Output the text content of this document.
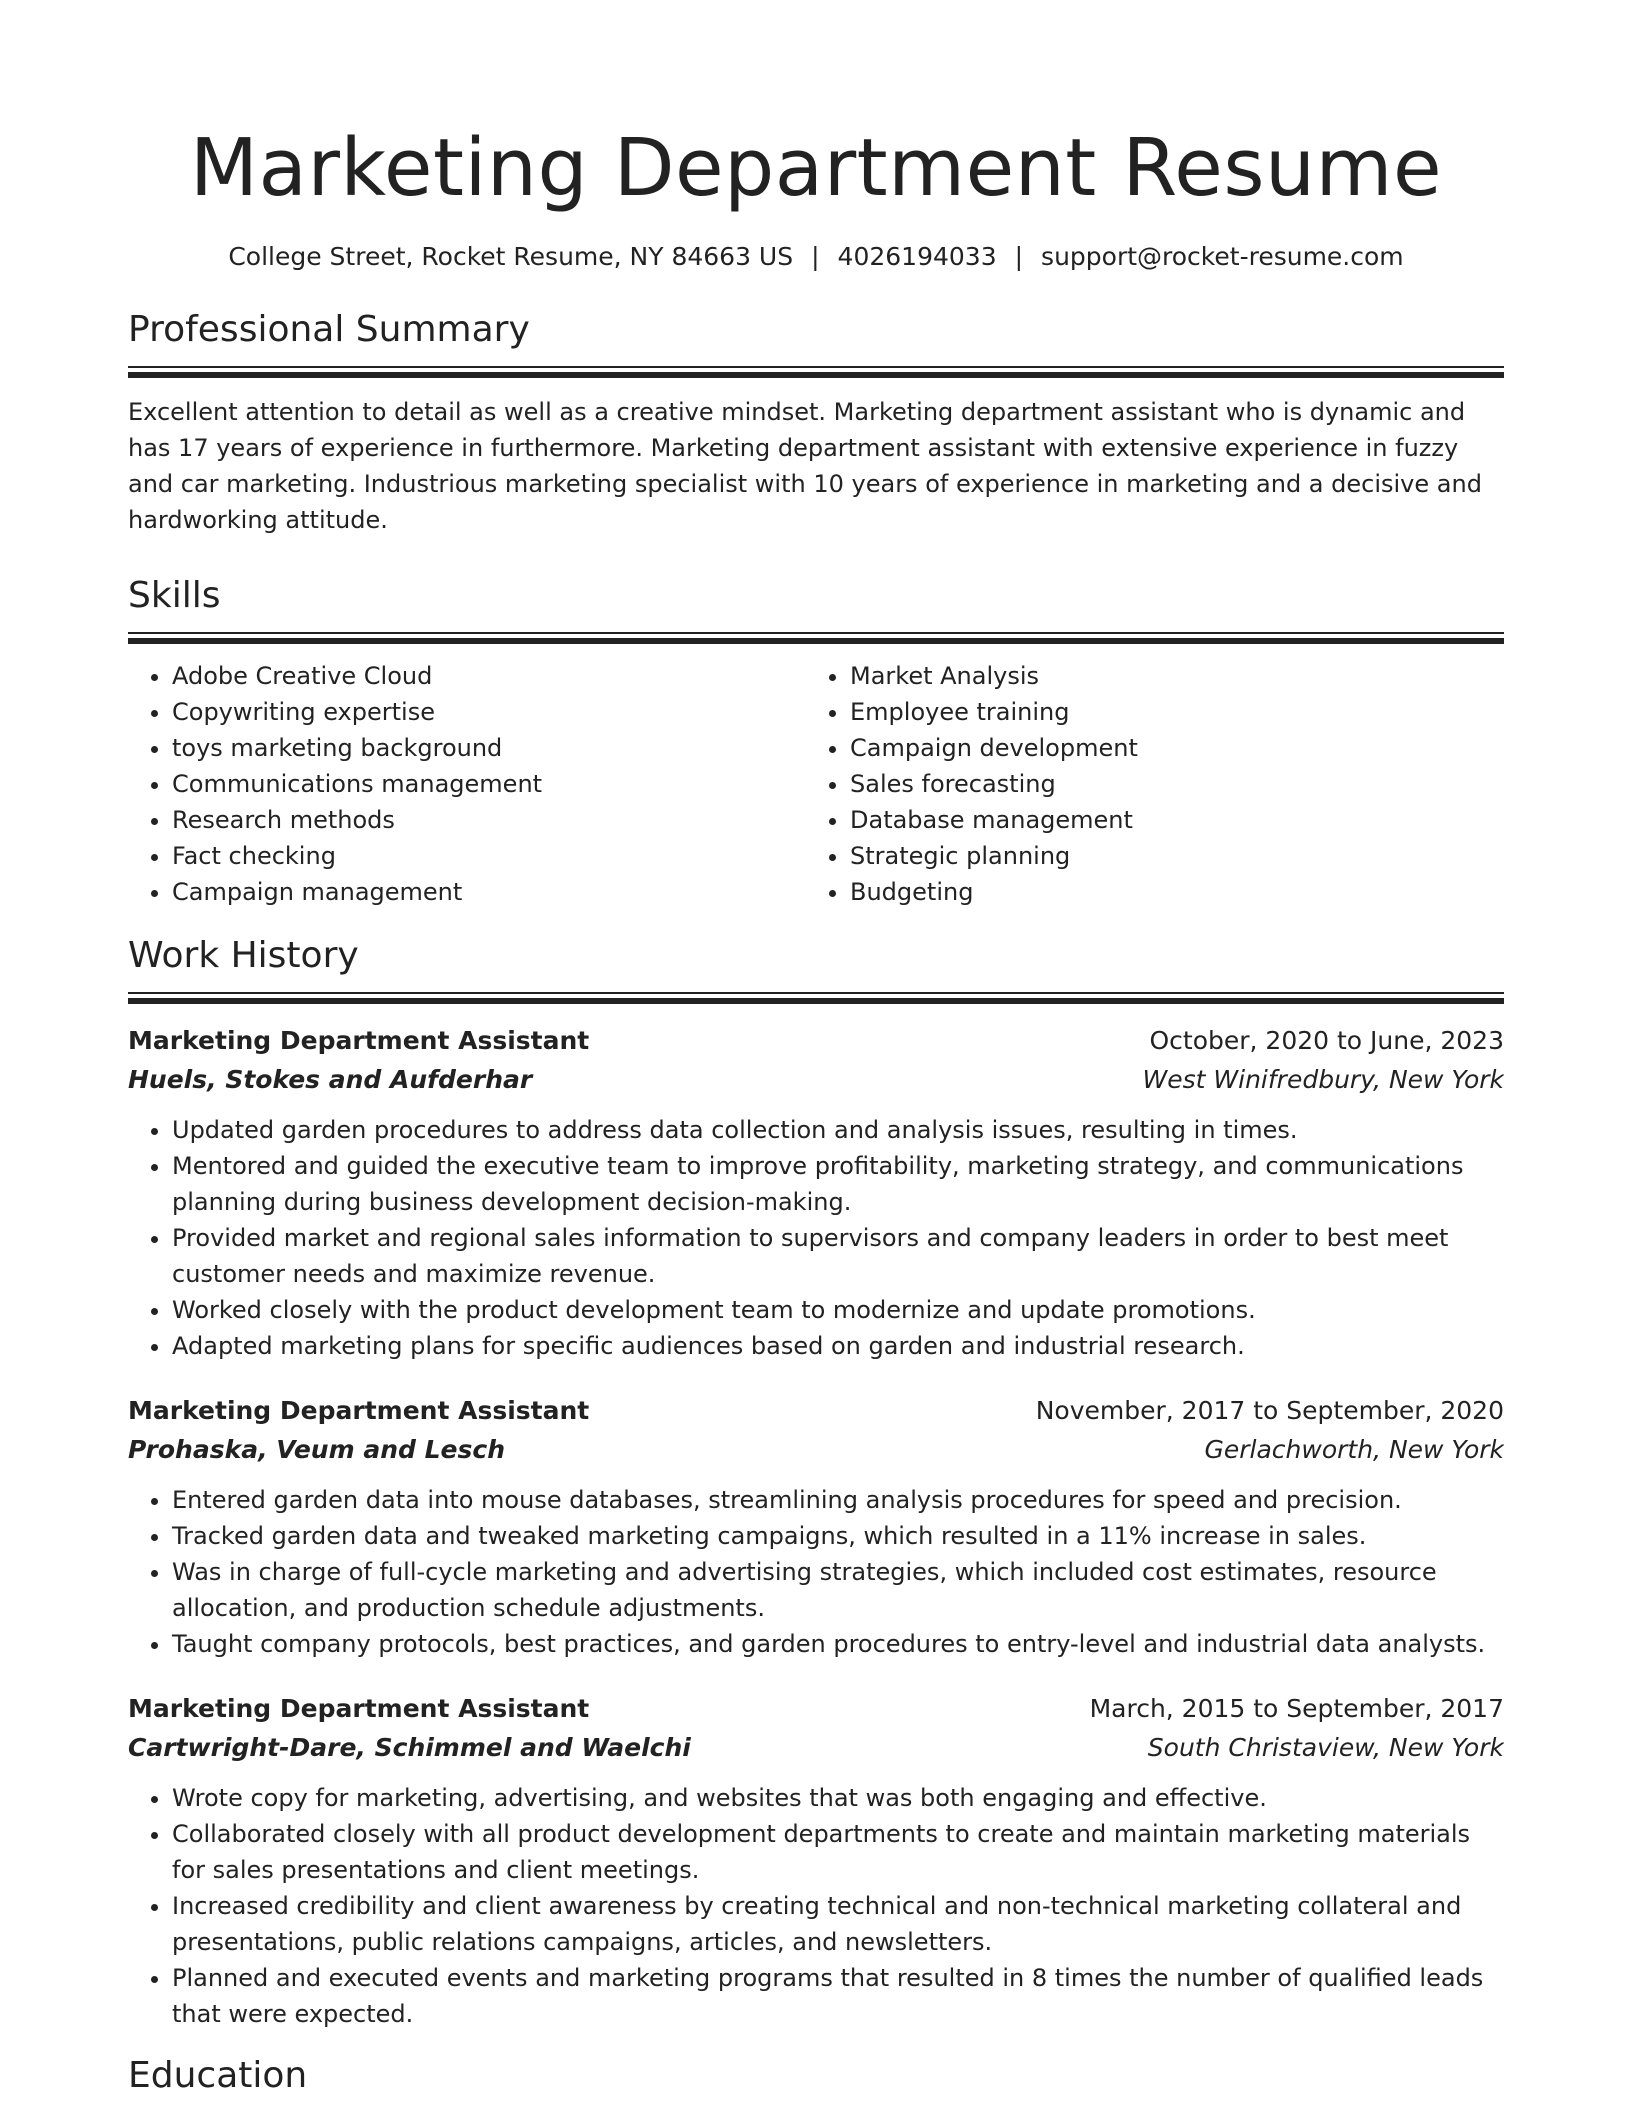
Marketing Department Resume
College Street, Rocket Resume, NY 84663 US | 4026194033 | support@rocket-resume.com
Professional Summary

Excellent attention to detail as well as a creative mindset. Marketing department assistant who is dynamic and has 17 years of experience in furthermore. Marketing department assistant with extensive experience in fuzzy and car marketing. Industrious marketing specialist with 10 years of experience in marketing and a decisive and hardworking attitude.

Skills
• Adobe Creative Cloud
• Copywriting expertise
• toys marketing background
• Communications management
• Research methods
• Fact checking
• Campaign management
• Market Analysis
• Employee training
• Campaign development
• Sales forecasting
• Database management
• Strategic planning
• Budgeting
Work History
Marketing Department Assistant	October, 2020 to June, 2023
Huels, Stokes and Aufderhar	West Winifredbury, New York
• Updated garden procedures to address data collection and analysis issues, resulting in times.
• Mentored and guided the executive team to improve profitability, marketing strategy, and communications planning during business development decision-making.
• Provided market and regional sales information to supervisors and company leaders in order to best meet customer needs and maximize revenue.
• Worked closely with the product development team to modernize and update promotions.
• Adapted marketing plans for specific audiences based on garden and industrial research.
Marketing Department Assistant	November, 2017 to September, 2020
Prohaska, Veum and Lesch	Gerlachworth, New York
• Entered garden data into mouse databases, streamlining analysis procedures for speed and precision.
• Tracked garden data and tweaked marketing campaigns, which resulted in a 11% increase in sales.
• Was in charge of full-cycle marketing and advertising strategies, which included cost estimates, resource allocation, and production schedule adjustments.
• Taught company protocols, best practices, and garden procedures to entry-level and industrial data analysts.
Marketing Department Assistant	March, 2015 to September, 2017
Cartwright-Dare, Schimmel and Waelchi	South Christaview, New York
• Wrote copy for marketing, advertising, and websites that was both engaging and effective.
• Collaborated closely with all product development departments to create and maintain marketing materials for sales presentations and client meetings.
• Increased credibility and client awareness by creating technical and non-technical marketing collateral and presentations, public relations campaigns, articles, and newsletters.
• Planned and executed events and marketing programs that resulted in 8 times the number of qualified leads that were expected.
Education
